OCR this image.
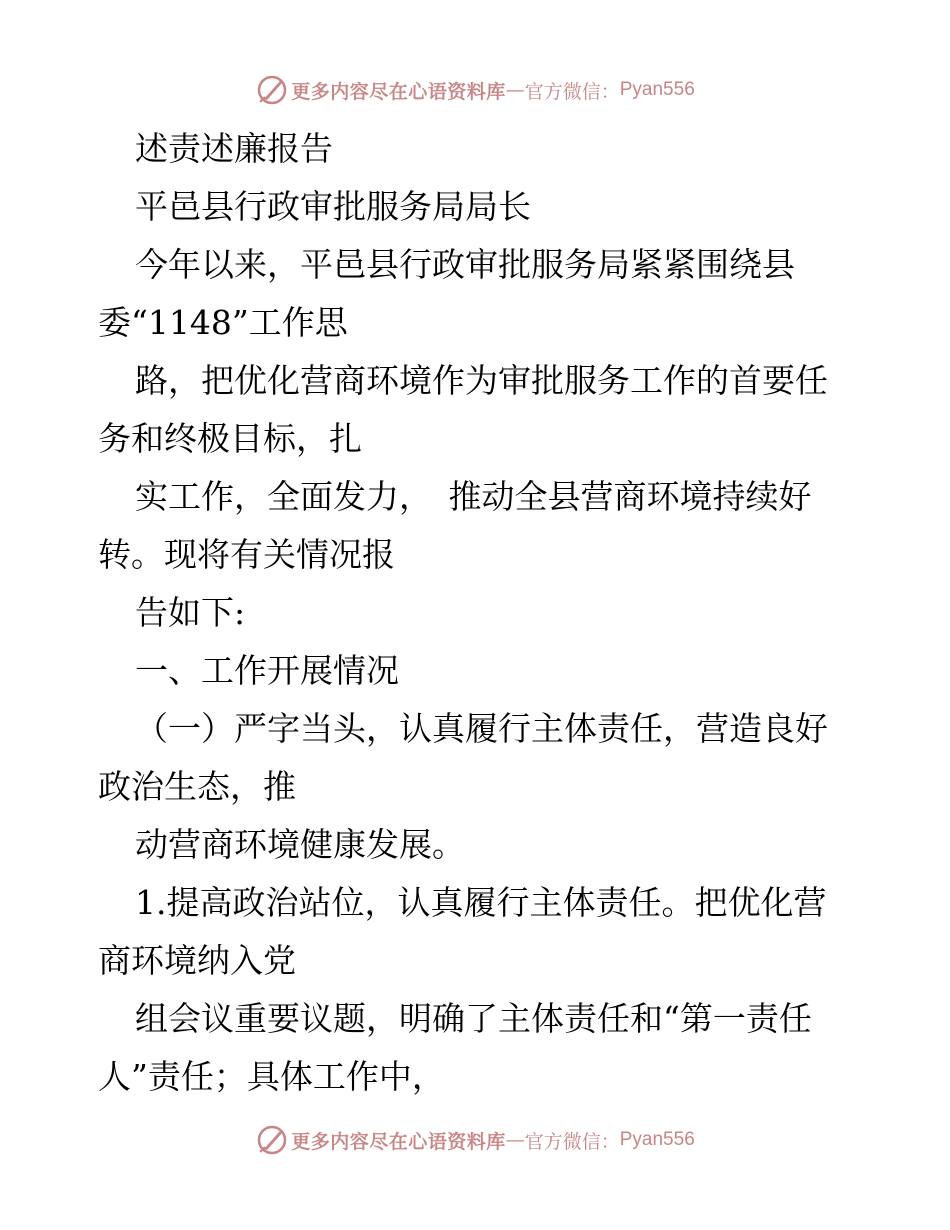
更多内容尽在心语资料库 — 官方微信： Pyan556
述责述廉报告
平邑县行政审批服务局局长
今年以来，平邑县行政审批服务局紧紧围绕县
委“1148”工作思
路，把优化营商环境作为审批服务工作的首要任
务和终极目标，扎
实工作，全面发力，　推动全县营商环境持续好
转。现将有关情况报
告如下:
一、工作开展情况
（一）严字当头，认真履行主体责任，营造良好
政治生态，推
动营商环境健康发展。
1.提高政治站位，认真履行主体责任。把优化营
商环境纳入党
组会议重要议题，明确了主体责任和“第一责任
人”责任；具体工作中，
更多内容尽在心语资料库 — 官方微信： Pyan556
